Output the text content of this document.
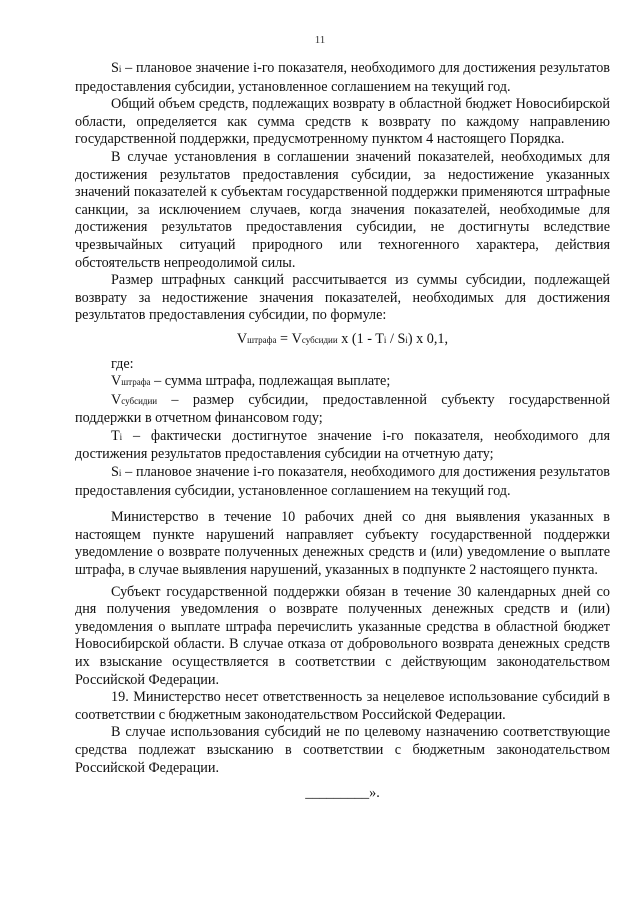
11

Si – плановое значение i-го показателя, необходимого для достижения результатов предоставления субсидии, установленное соглашением на текущий год.

Общий объем средств, подлежащих возврату в областной бюджет Новосибирской области, определяется как сумма средств к возврату по каждому направлению государственной поддержки, предусмотренному пунктом 4 настоящего Порядка.

В случае установления в соглашении значений показателей, необходимых для достижения результатов предоставления субсидии, за недостижение указанных значений показателей к субъектам государственной поддержки применяются штрафные санкции, за исключением случаев, когда значения показателей, необходимые для достижения результатов предоставления субсидии, не достигнуты вследствие чрезвычайных ситуаций природного или техногенного характера, действия обстоятельств непреодолимой силы.

Размер штрафных санкций рассчитывается из суммы субсидии, подлежащей возврату за недостижение значения показателей, необходимых для достижения результатов предоставления субсидии, по формуле:

Vштрафа = Vсубсидии x (1 - Ti / Si) x 0,1,

где:

Vштрафа – сумма штрафа, подлежащая выплате;

Vсубсидии – размер субсидии, предоставленной субъекту государственной поддержки в отчетном финансовом году;

Ti – фактически достигнутое значение i-го показателя, необходимого для достижения результатов предоставления субсидии на отчетную дату;

Si – плановое значение i-го показателя, необходимого для достижения результатов предоставления субсидии, установленное соглашением на текущий год.

Министерство в течение 10 рабочих дней со дня выявления указанных в настоящем пункте нарушений направляет субъекту государственной поддержки уведомление о возврате полученных денежных средств и (или) уведомление о выплате штрафа, в случае выявления нарушений, указанных в подпункте 2 настоящего пункта.

Субъект государственной поддержки обязан в течение 30 календарных дней со дня получения уведомления о возврате полученных денежных средств и (или) уведомления о выплате штрафа перечислить указанные средства в областной бюджет Новосибирской области. В случае отказа от добровольного возврата денежных средств их взыскание осуществляется в соответствии с действующим законодательством Российской Федерации.

19. Министерство несет ответственность за нецелевое использование субсидий в соответствии с бюджетным законодательством Российской Федерации.

В случае использования субсидий не по целевому назначению соответствующие средства подлежат взысканию в соответствии с бюджетным законодательством Российской Федерации.

_________».
